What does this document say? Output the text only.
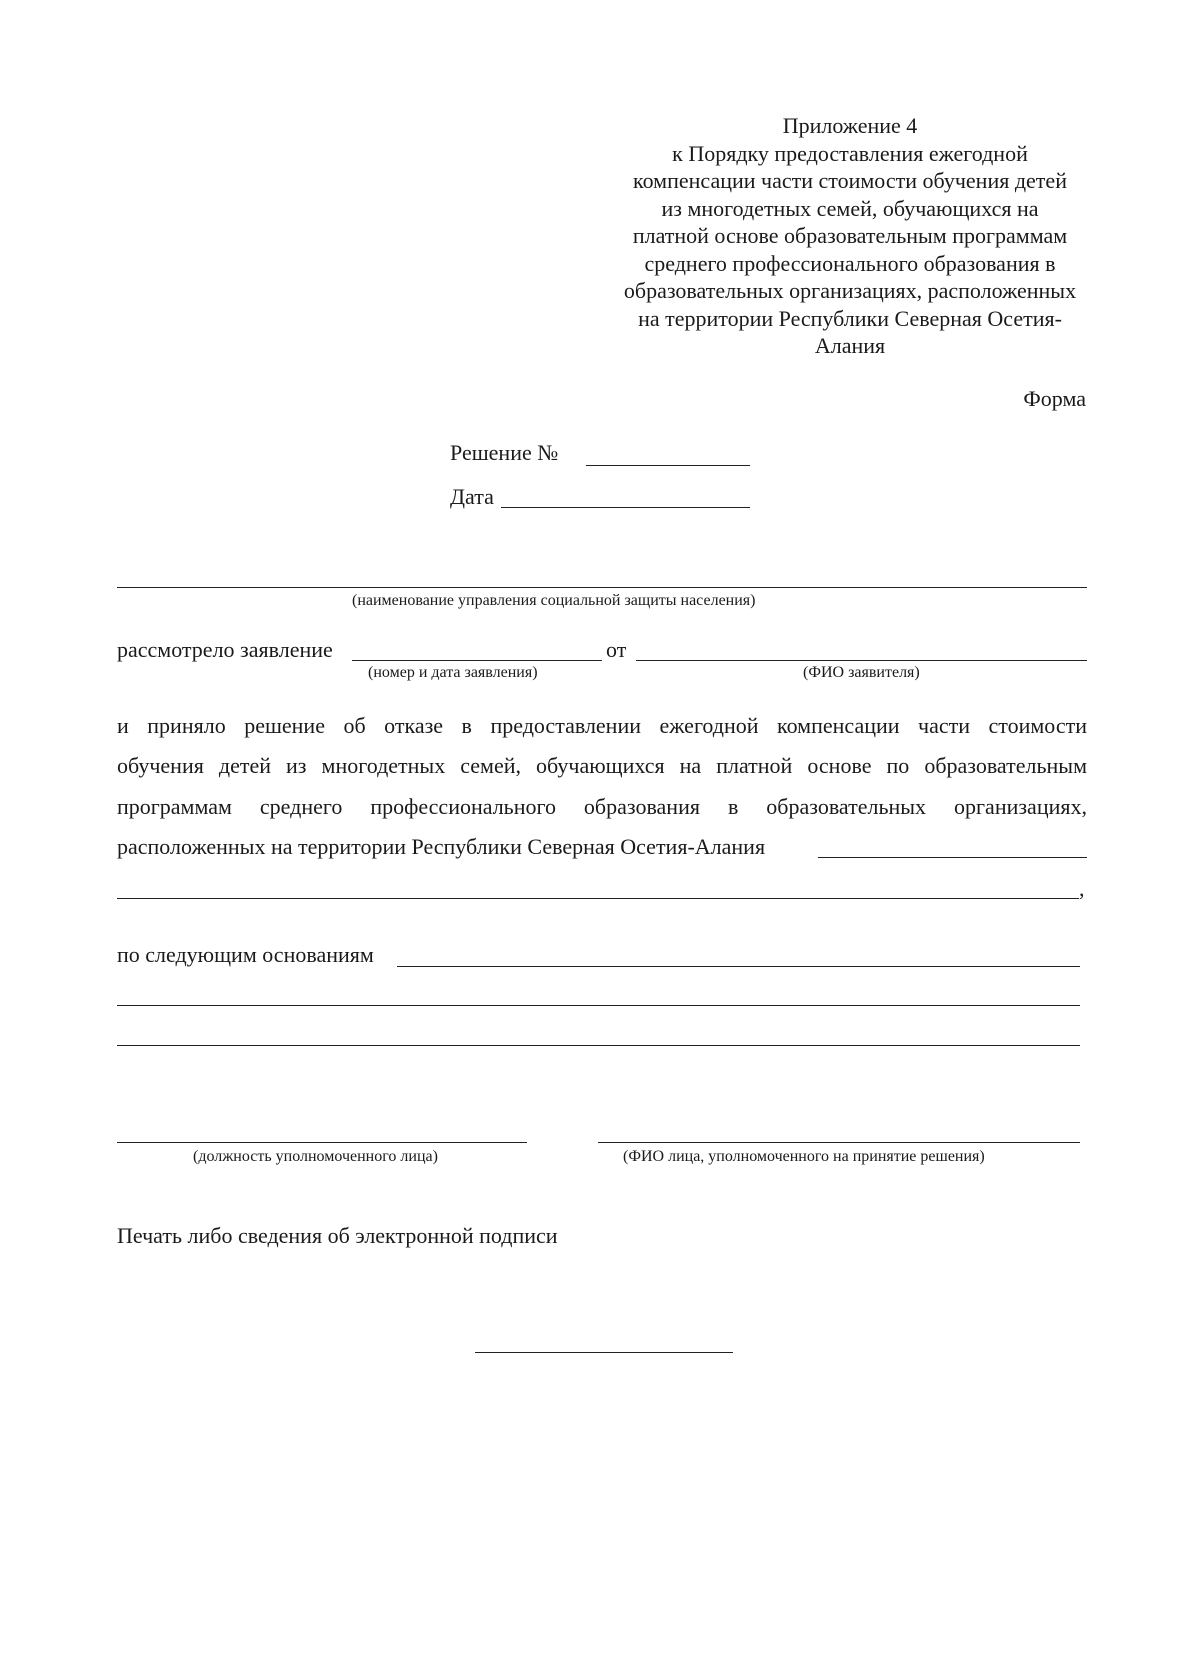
Приложение 4
к Порядку предоставления ежегодной
компенсации части стоимости обучения детей
из многодетных семей, обучающихся на
платной основе образовательным программам
среднего профессионального образования в
образовательных организациях, расположенных
на территории Республики Северная Осетия-
Алания
Форма
Решение №
Дата
(наименование управления социальной защиты населения)
рассмотрело заявление	от
(номер и дата заявления)	(ФИО заявителя)
и приняло решение об отказе в предоставлении ежегодной компенсации части стоимости
обучения детей из многодетных семей, обучающихся на платной основе по образовательным
программам среднего профессионального образования в образовательных организациях,
расположенных на территории Республики Северная Осетия-Алания
,
по следующим основаниям
(должность уполномоченного лица)	(ФИО лица, уполномоченного на принятие решения)
Печать либо сведения об электронной подписи
